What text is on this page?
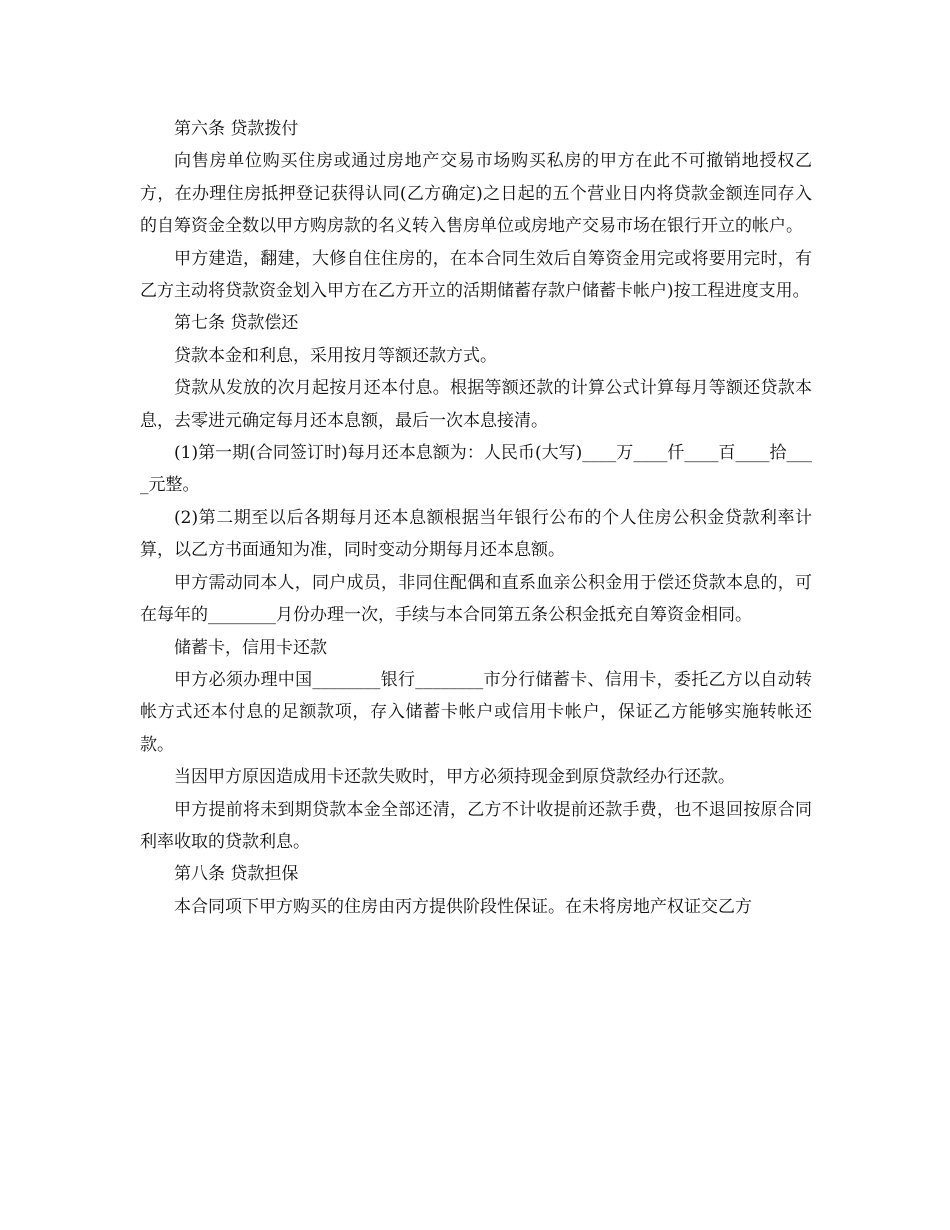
第六条 贷款拨付

向售房单位购买住房或通过房地产交易市场购买私房的甲方在此不可撤销地授权乙方，在办理住房抵押登记获得认同(乙方确定)之日起的五个营业日内将贷款金额连同存入的自筹资金全数以甲方购房款的名义转入售房单位或房地产交易市场在银行开立的帐户。

甲方建造，翻建，大修自住住房的，在本合同生效后自筹资金用完或将要用完时，有乙方主动将贷款资金划入甲方在乙方开立的活期储蓄存款户储蓄卡帐户)按工程进度支用。

第七条 贷款偿还

贷款本金和利息，采用按月等额还款方式。

贷款从发放的次月起按月还本付息。根据等额还款的计算公式计算每月等额还贷款本息，去零进元确定每月还本息额，最后一次本息接清。

(1)第一期(合同签订时)每月还本息额为：人民币(大写)____万____仟____百____拾____元整。

(2)第二期至以后各期每月还本息额根据当年银行公布的个人住房公积金贷款利率计算，以乙方书面通知为准，同时变动分期每月还本息额。

甲方需动同本人，同户成员，非同住配偶和直系血亲公积金用于偿还贷款本息的，可在每年的________月份办理一次，手续与本合同第五条公积金抵充自筹资金相同。

储蓄卡，信用卡还款

甲方必须办理中国________银行________市分行储蓄卡、信用卡，委托乙方以自动转帐方式还本付息的足额款项，存入储蓄卡帐户或信用卡帐户，保证乙方能够实施转帐还款。

当因甲方原因造成用卡还款失败时，甲方必须持现金到原贷款经办行还款。

甲方提前将未到期贷款本金全部还清，乙方不计收提前还款手费，也不退回按原合同利率收取的贷款利息。

第八条 贷款担保

本合同项下甲方购买的住房由丙方提供阶段性保证。在未将房地产权证交乙方
